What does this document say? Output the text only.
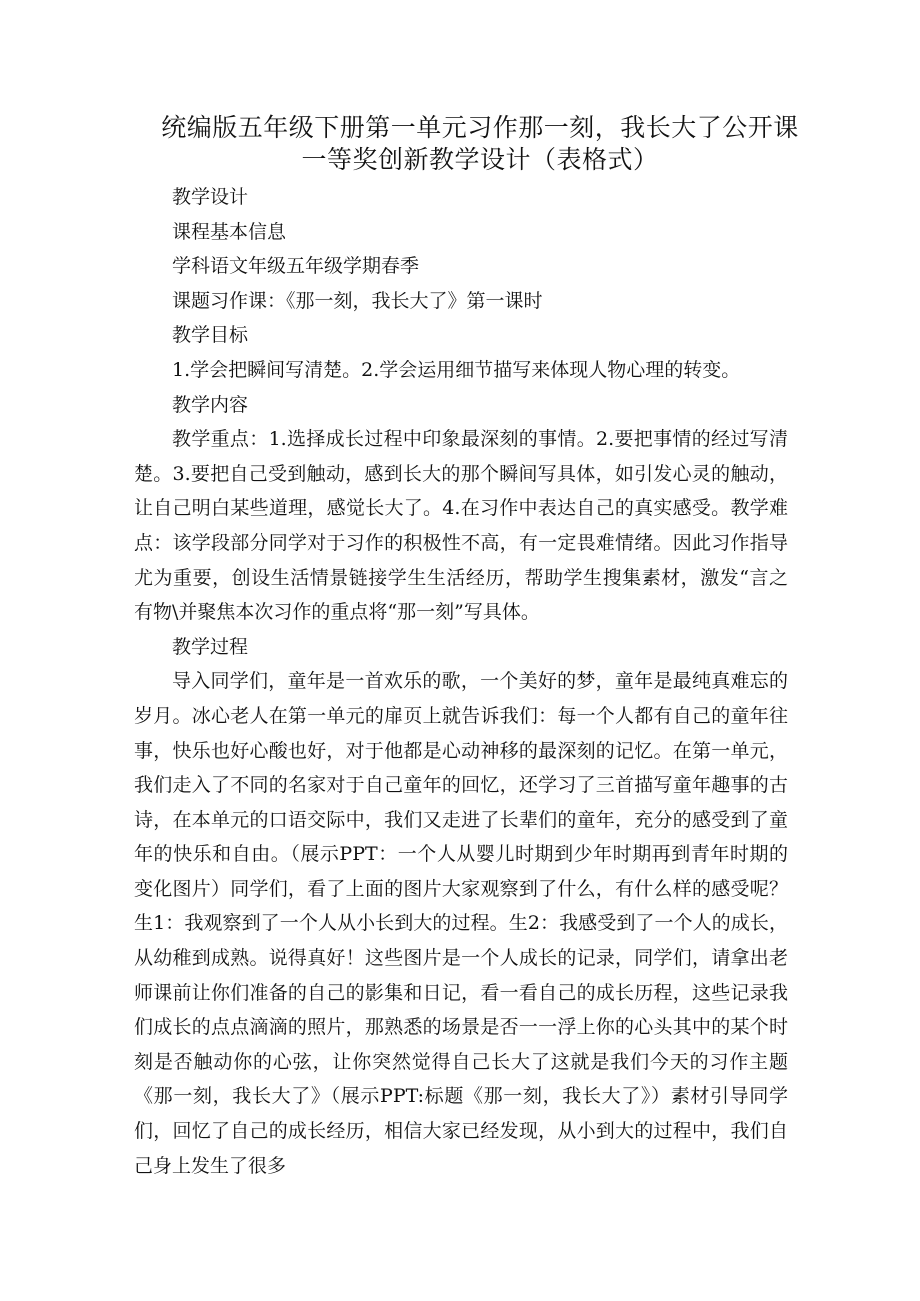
统编版五年级下册第一单元习作那一刻，我长大了公开课一等奖创新教学设计（表格式）

教学设计

课程基本信息

学科语文年级五年级学期春季

课题习作课：《那一刻，我长大了》第一课时

教学目标

1.学会把瞬间写清楚。2.学会运用细节描写来体现人物心理的转变。

教学内容

教学重点：1.选择成长过程中印象最深刻的事情。2.要把事情的经过写清楚。3.要把自己受到触动，感到长大的那个瞬间写具体，如引发心灵的触动，让自己明白某些道理，感觉长大了。4.在习作中表达自己的真实感受。教学难点：该学段部分同学对于习作的积极性不高，有一定畏难情绪。因此习作指导尤为重要，创设生活情景链接学生生活经历，帮助学生搜集素材，激发“言之有物\并聚焦本次习作的重点将“那一刻”写具体。

教学过程

导入同学们，童年是一首欢乐的歌，一个美好的梦，童年是最纯真难忘的岁月。冰心老人在第一单元的扉页上就告诉我们：每一个人都有自己的童年往事，快乐也好心酸也好，对于他都是心动神移的最深刻的记忆。在第一单元，我们走入了不同的名家对于自己童年的回忆，还学习了三首描写童年趣事的古诗，在本单元的口语交际中，我们又走进了长辈们的童年，充分的感受到了童年的快乐和自由。（展示PPT：一个人从婴儿时期到少年时期再到青年时期的变化图片）同学们，看了上面的图片大家观察到了什么，有什么样的感受呢？生1：我观察到了一个人从小长到大的过程。生2：我感受到了一个人的成长，从幼稚到成熟。说得真好！这些图片是一个人成长的记录，同学们，请拿出老师课前让你们准备的自己的影集和日记，看一看自己的成长历程，这些记录我们成长的点点滴滴的照片，那熟悉的场景是否一一浮上你的心头其中的某个时刻是否触动你的心弦，让你突然觉得自己长大了这就是我们今天的习作主题《那一刻，我长大了》（展示PPT:标题《那一刻，我长大了》）素材引导同学们，回忆了自己的成长经历，相信大家已经发现，从小到大的过程中，我们自己身上发生了很多
